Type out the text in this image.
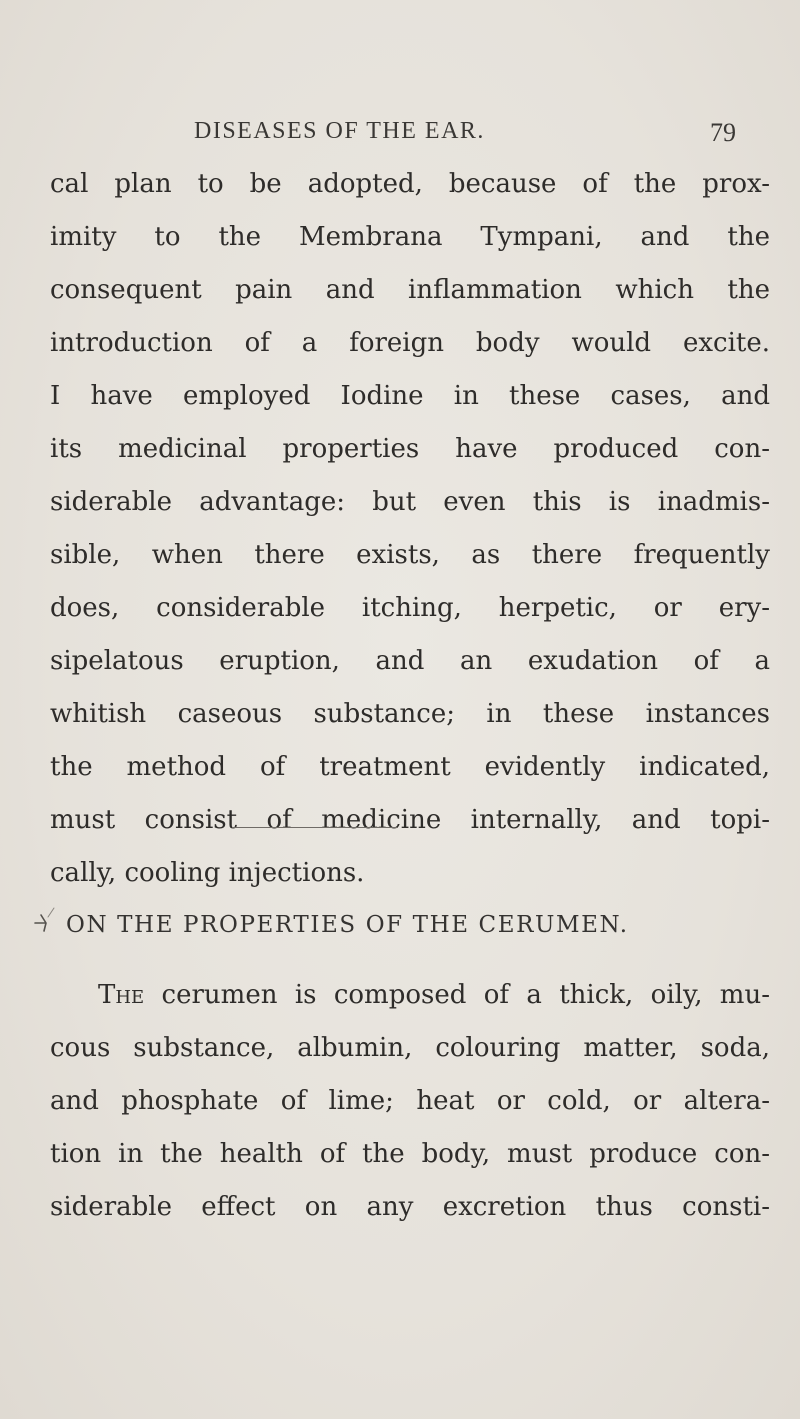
DISEASES OF THE EAR.	79
cal plan to be adopted, because of the prox-
imity to the Membrana Tympani, and the
consequent pain and inflammation which the
introduction of a foreign body would excite.
I have employed Iodine in these cases, and
its medicinal properties have produced con-
siderable advantage: but even this is inadmis-
sible, when there exists, as there frequently
does, considerable itching, herpetic, or ery-
sipelatous eruption, and an exudation of a
whitish caseous substance; in these instances
the method of treatment evidently indicated,
must consist of medicine internally, and topi-
cally, cooling injections.
ON THE PROPERTIES OF THE CERUMEN.
The cerumen is composed of a thick, oily, mu-
cous substance, albumin, colouring matter, soda,
and phosphate of lime; heat or cold, or altera-
tion in the health of the body, must produce con-
siderable effect on any excretion thus consti-
